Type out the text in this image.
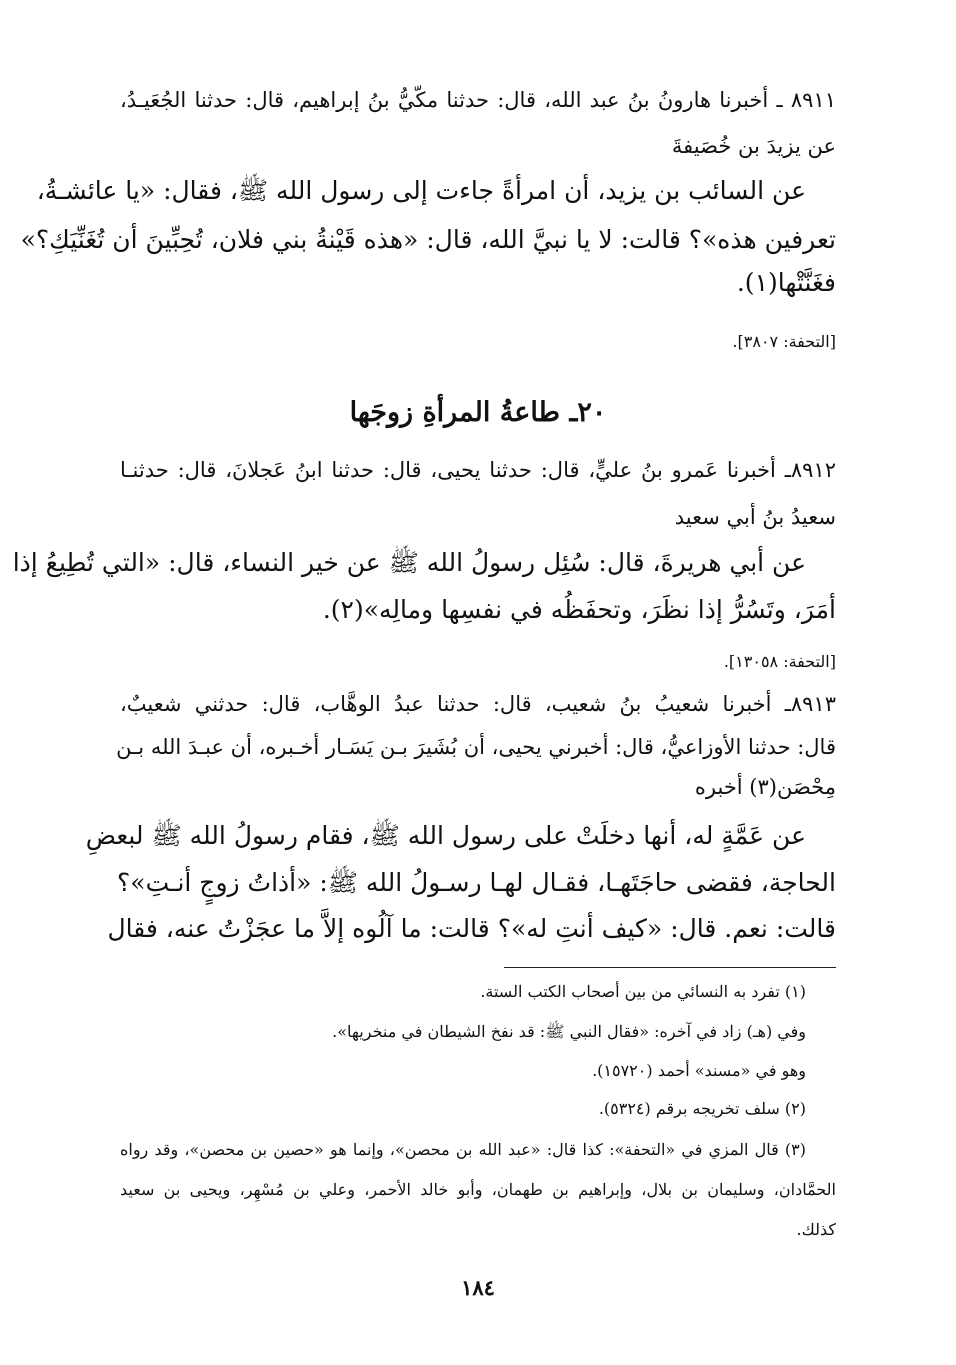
٨٩١١ ـ أخبرنا هارونُ بنُ عبد الله، قال: حدثنا مكّيُّ بنُ إبراهيم، قال: حدثنا الجُعَيـدُ،
عن يزيدَ بن خُصَيفةَ
عن السائب بن يزيد، أن امرأةً جاءت إلى رسول الله ﷺ، فقال: «يا عائشـةُ،
تعرفين هذه»؟ قالت: لا يا نبيَّ الله، قال: «هذه قَيْنةُ بني فلان، تُحِبِّينَ أن تُغَنِّيَكِ؟»
فغَنَّتْها(١).
[التحفة: ٣٨٠٧].
٢٠ـ طاعةُ المرأةِ زوجَها
٨٩١٢ـ أخبرنا عَمرو بنُ عليٍّ، قال: حدثنا يحيى، قال: حدثنا ابنُ عَجلانَ، قال: حدثنـا
سعيدُ بنُ أبي سعيد
عن أبي هريرةَ، قال: سُئِل رسولُ الله ﷺ عن خير النساء، قال: «التي تُطِيعُ إذا
أمَرَ، وتَسُرُّ إذا نظَرَ، وتحفَظُه في نفسِها ومالِه»(٢).
[التحفة: ١٣٠٥٨].
٨٩١٣ـ أخبرنا شعيبُ بنُ شعيب، قال: حدثنا عبدُ الوهَّاب، قال: حدثني شعيبٌ،
قال: حدثنا الأوزاعيُّ، قال: أخبرني يحيى، أن بُشَيرَ بـن يَسَـار أخـبره، أن عبـدَ الله بـن
مِحْصَن(٣) أخبره
عن عَمَّةٍ له، أنها دخلَتْ على رسول الله ﷺ، فقام رسولُ الله ﷺ لبعضِ
الحاجة، فقضى حاجَتَهـا، فقـال لهـا رسـولُ الله ﷺ: «أذاتُ زوجٍ أنـتِ»؟
قالت: نعم. قال: «كيف أنتِ له»؟ قالت: ما آلُوه إلاَّ ما عجَزْتُ عنه، فقال
(١) تفرد به النسائي من بين أصحاب الكتب الستة.
وفي (هـ) زاد في آخره: «فقال النبي ﷺ: قد نفخ الشيطان في منخريها».
وهو في «مسند» أحمد (١٥٧٢٠).
(٢) سلف تخريجه برقم (٥٣٢٤).
(٣) قال المزي في «التحفة»: كذا قال: «عبد الله بن محصن»، وإنما هو «حصين بن محصن»، وقد رواه
الحمَّادان، وسليمان بن بلال، وإبراهيم بن طهمان، وأبو خالد الأحمر، وعلي بن مُسْهِر، ويحيى بن سعيد
كذلك.
١٨٤
